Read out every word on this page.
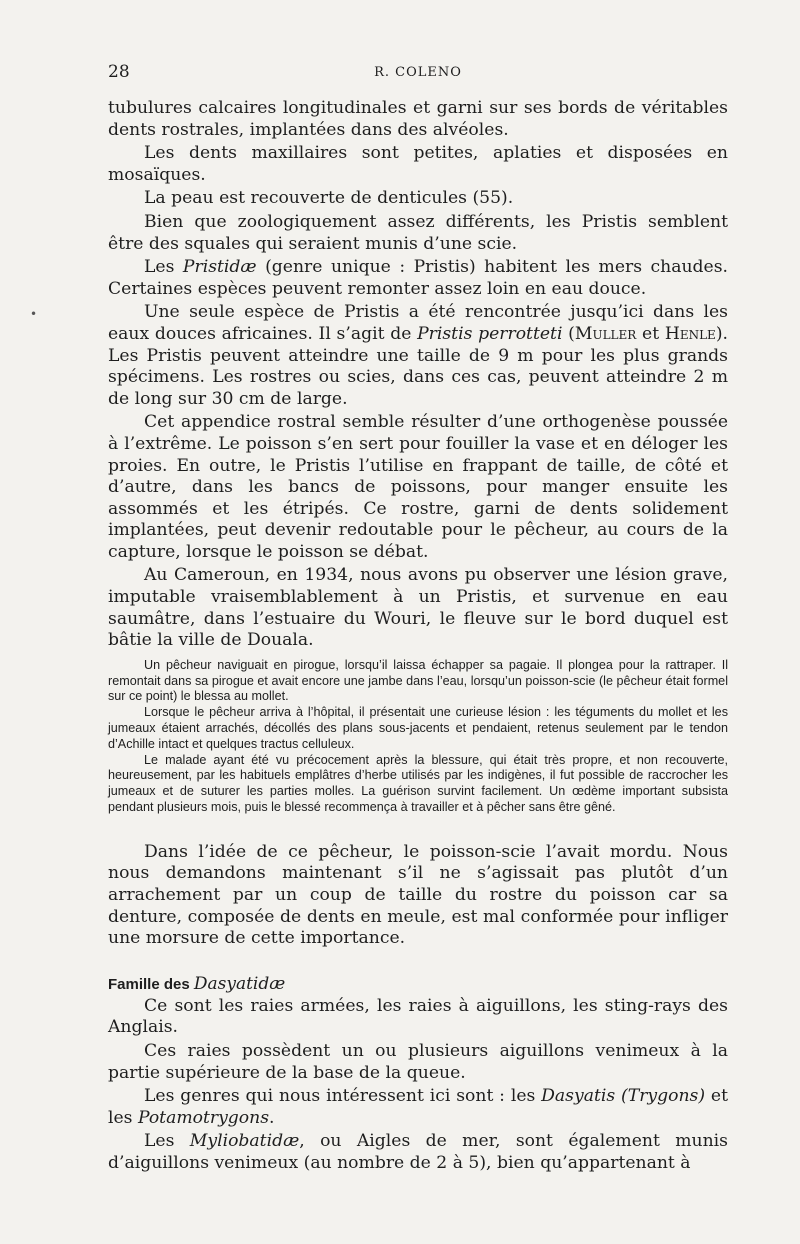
28	R. COLENO
•

tubulures calcaires longitudinales et garni sur ses bords de véritables dents rostrales, implantées dans des alvéoles.

Les dents maxillaires sont petites, aplaties et disposées en mosaïques.

La peau est recouverte de denticules (55).

Bien que zoologiquement assez différents, les Pristis semblent être des squales qui seraient munis d’une scie.

Les Pristidæ (genre unique : Pristis) habitent les mers chaudes. Certaines espèces peuvent remonter assez loin en eau douce.

Une seule espèce de Pristis a été rencontrée jusqu’ici dans les eaux douces africaines. Il s’agit de Pristis perrotteti (Muller et Henle). Les Pristis peuvent atteindre une taille de 9 m pour les plus grands spécimens. Les rostres ou scies, dans ces cas, peuvent atteindre 2 m de long sur 30 cm de large.

Cet appendice rostral semble résulter d’une orthogenèse poussée à l’extrême. Le poisson s’en sert pour fouiller la vase et en déloger les proies. En outre, le Pristis l’utilise en frappant de taille, de côté et d’autre, dans les bancs de poissons, pour manger ensuite les assommés et les étripés. Ce rostre, garni de dents solidement implantées, peut devenir redoutable pour le pêcheur, au cours de la capture, lorsque le poisson se débat.

Au Cameroun, en 1934, nous avons pu observer une lésion grave, imputable vraisemblablement à un Pristis, et survenue en eau saumâtre, dans l’estuaire du Wouri, le fleuve sur le bord duquel est bâtie la ville de Douala.

Un pêcheur naviguait en pirogue, lorsqu’il laissa échapper sa pagaie. Il plongea pour la rattraper. Il remontait dans sa pirogue et avait encore une jambe dans l’eau, lorsqu’un poisson-scie (le pêcheur était formel sur ce point) le blessa au mollet.

Lorsque le pêcheur arriva à l’hôpital, il présentait une curieuse lésion : les téguments du mollet et les jumeaux étaient arrachés, décollés des plans sous-jacents et pendaient, retenus seulement par le tendon d’Achille intact et quelques tractus celluleux.

Le malade ayant été vu précocement après la blessure, qui était très propre, et non recouverte, heureusement, par les habituels emplâtres d’herbe utilisés par les indigènes, il fut possible de raccrocher les jumeaux et de suturer les parties molles. La guérison survint facilement. Un œdème important subsista pendant plusieurs mois, puis le blessé recommença à travailler et à pêcher sans être gêné.

Dans l’idée de ce pêcheur, le poisson-scie l’avait mordu. Nous nous demandons maintenant s’il ne s’agissait pas plutôt d’un arrachement par un coup de taille du rostre du poisson car sa denture, composée de dents en meule, est mal conformée pour infliger une morsure de cette importance.

Famille des Dasyatidæ

Ce sont les raies armées, les raies à aiguillons, les sting-rays des Anglais.

Ces raies possèdent un ou plusieurs aiguillons venimeux à la partie supérieure de la base de la queue.

Les genres qui nous intéressent ici sont : les Dasyatis (Trygons) et les Potamotrygons.

Les Myliobatidæ, ou Aigles de mer, sont également munis d’aiguillons venimeux (au nombre de 2 à 5), bien qu’appartenant à
